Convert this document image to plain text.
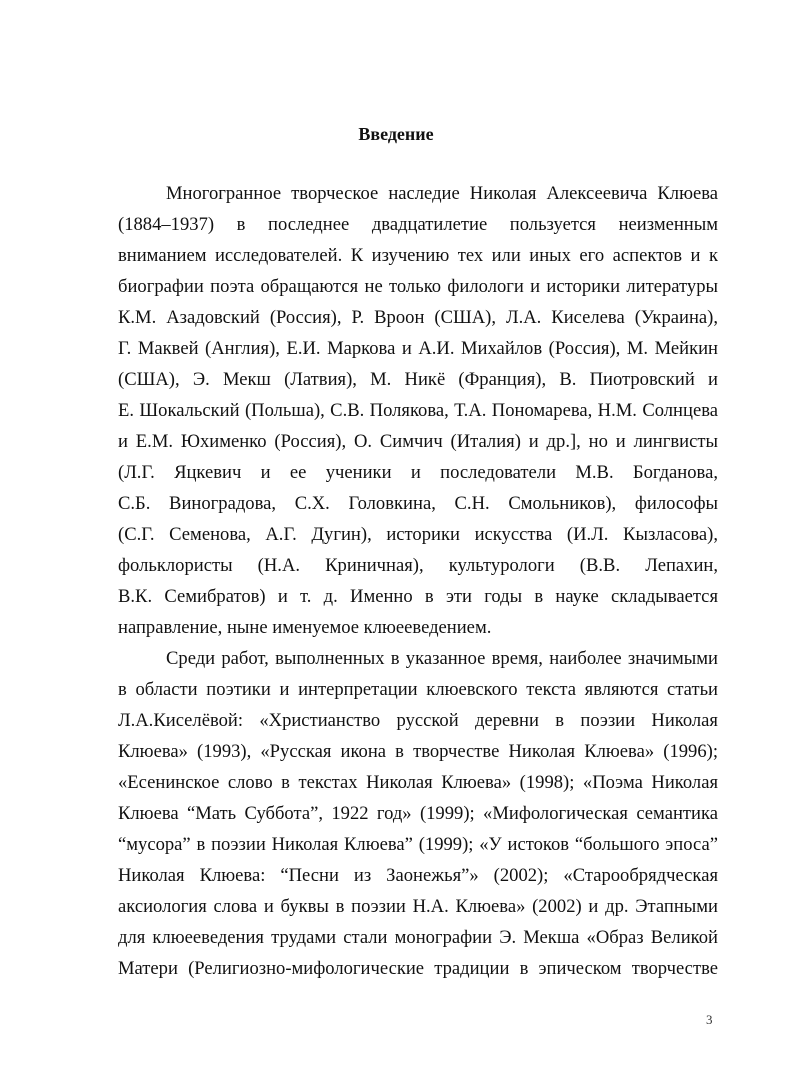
Введение
Многогранное творческое наследие Николая Алексеевича Клюева
(1884–1937) в последнее двадцатилетие пользуется неизменным
вниманием исследователей. К изучению тех или иных его аспектов и к
биографии поэта обращаются не только филологи и историки литературы
К.М. Азадовский (Россия), Р. Вроон (США), Л.А. Киселева (Украина),
Г. Маквей (Англия), Е.И. Маркова и А.И. Михайлов (Россия), М. Мейкин
(США), Э. Мекш (Латвия), М. Никё (Франция), В. Пиотровский и
Е. Шокальский (Польша), С.В. Полякова, Т.А. Пономарева, Н.М. Солнцева
и Е.М. Юхименко (Россия), О. Симчич (Италия) и др.], но и лингвисты
(Л.Г. Яцкевич и ее ученики и последователи М.В. Богданова,
С.Б. Виноградова, С.Х. Головкина, С.Н. Смольников), философы
(С.Г. Семенова, А.Г. Дугин), историки искусства (И.Л. Кызласова),
фольклористы (Н.А. Криничная), культурологи (В.В. Лепахин,
В.К. Семибратов) и т. д. Именно в эти годы в науке складывается
направление, ныне именуемое клюееведением.
Среди работ, выполненных в указанное время, наиболее значимыми
в области поэтики и интерпретации клюевского текста являются статьи
Л.А.Киселёвой: «Христианство русской деревни в поэзии Николая
Клюева» (1993), «Русская икона в творчестве Николая Клюева» (1996);
«Есенинское слово в текстах Николая Клюева» (1998); «Поэма Николая
Клюева “Мать Суббота”, 1922 год» (1999); «Мифологическая семантика
“мусора” в поэзии Николая Клюева” (1999); «У истоков “большого эпоса”
Николая Клюева: “Песни из Заонежья”» (2002); «Старообрядческая
аксиология слова и буквы в поэзии Н.А. Клюева» (2002) и др. Этапными
для клюееведения трудами стали монографии Э. Мекша «Образ Великой
Матери (Религиозно-мифологические традиции в эпическом творчестве
3
